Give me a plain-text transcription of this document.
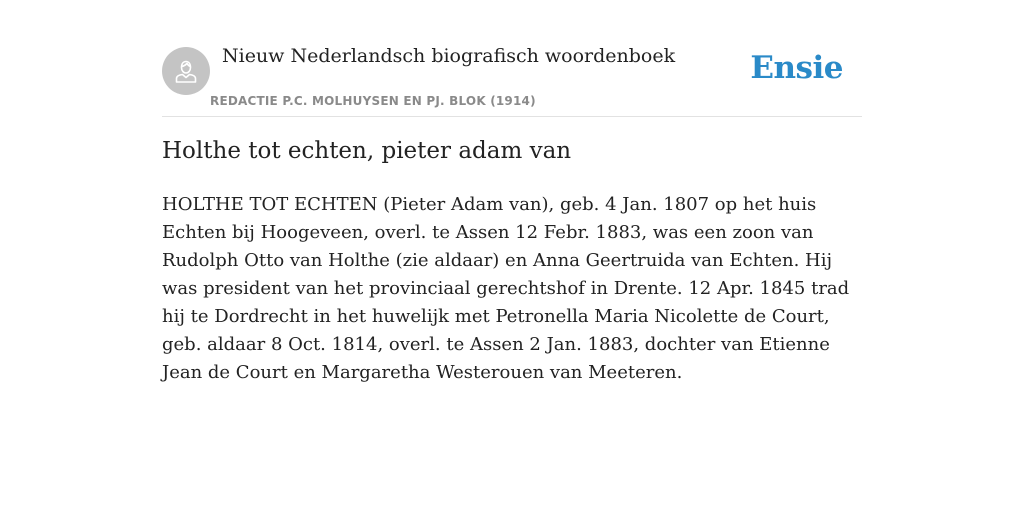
Nieuw Nederlandsch biografisch woordenboek
REDACTIE P.C. MOLHUYSEN EN PJ. BLOK (1914)
Ensie
Holthe tot echten, pieter adam van

HOLTHE TOT ECHTEN (Pieter Adam van), geb. 4 Jan. 1807 op het huis Echten bij Hoogeveen, overl. te Assen 12 Febr. 1883, was een zoon van Rudolph Otto van Holthe (zie aldaar) en Anna Geertruida van Echten. Hij was president van het provinciaal gerechtshof in Drente. 12 Apr. 1845 trad hij te Dordrecht in het huwelijk met Petronella Maria Nicolette de Court, geb. aldaar 8 Oct. 1814, overl. te Assen 2 Jan. 1883, dochter van Etienne Jean de Court en Margaretha Westerouen van Meeteren.
